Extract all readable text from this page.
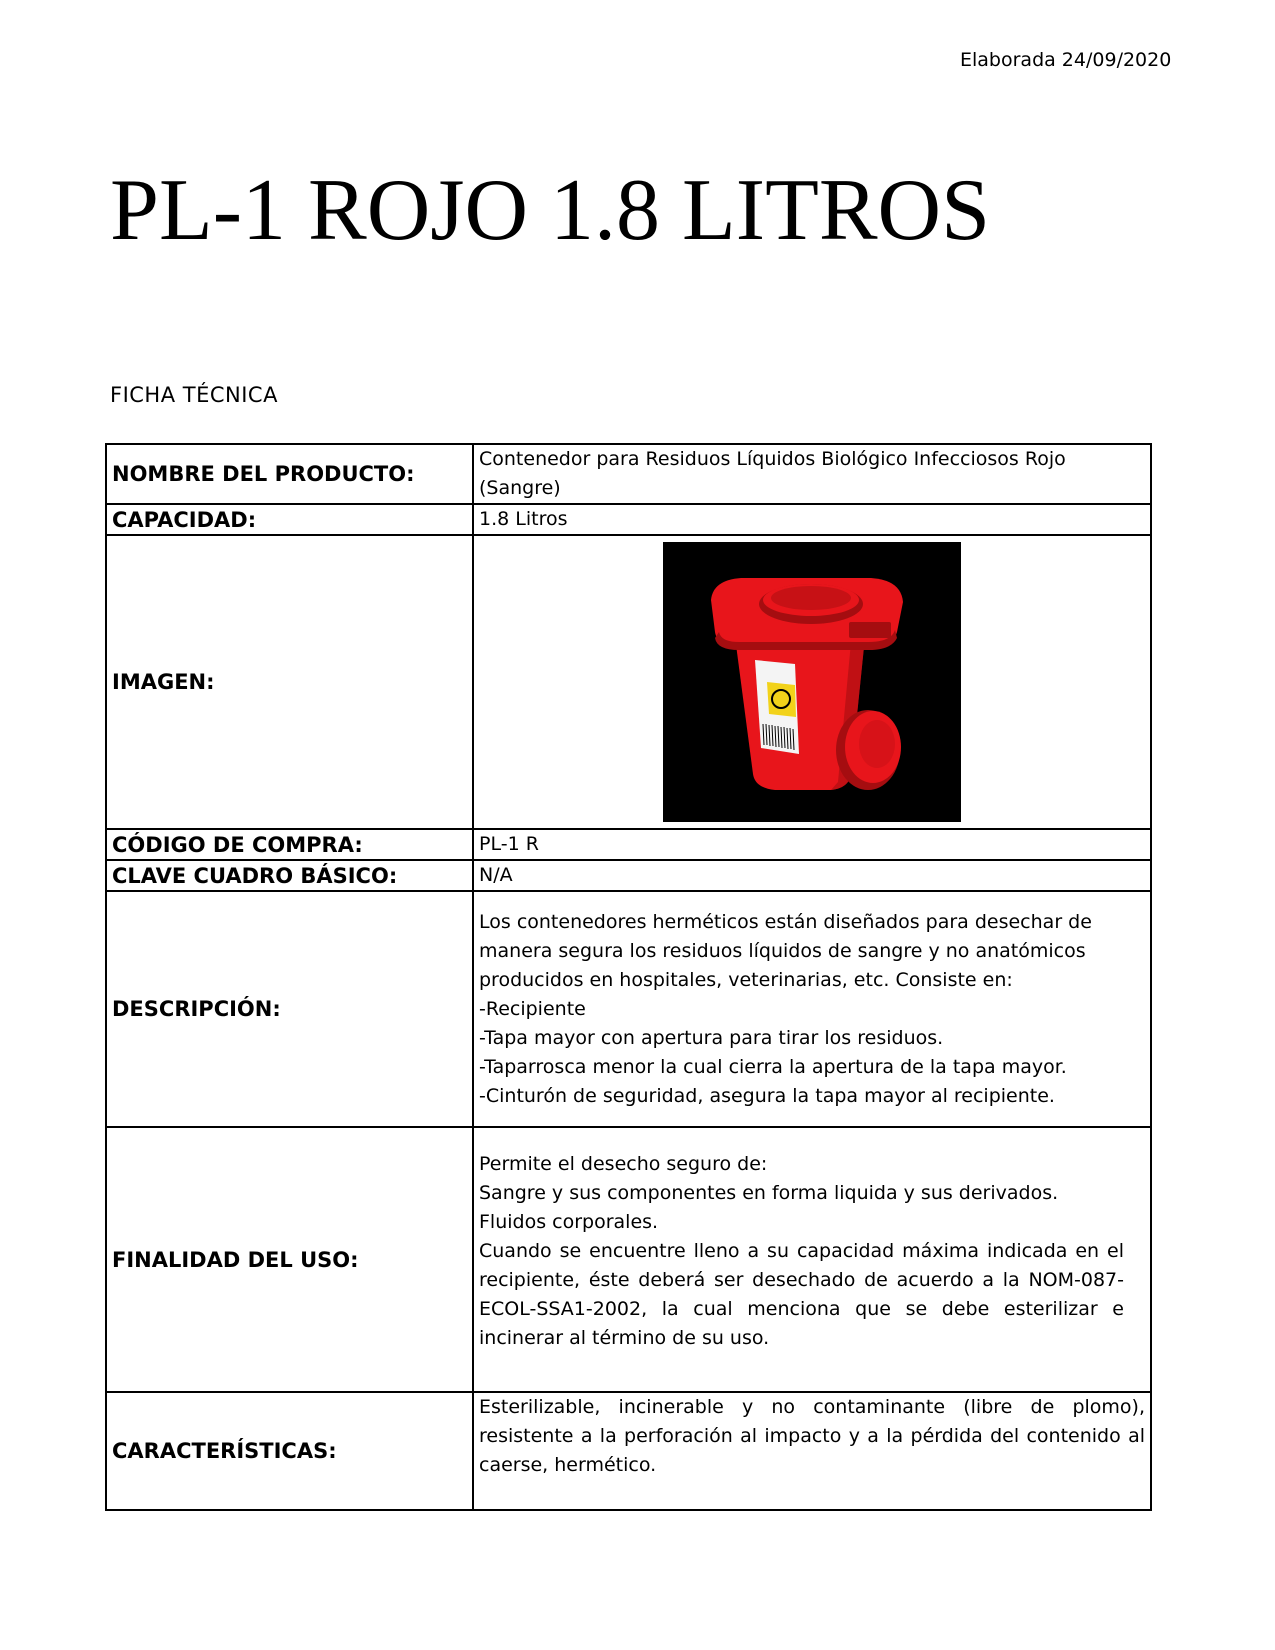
Elaborada 24/09/2020
PL-1 ROJO 1.8 LITROS
FICHA TÉCNICA
NOMBRE DEL PRODUCTO:	Contenedor para Residuos Líquidos Biológico Infecciosos Rojo (Sangre)
CAPACIDAD:	1.8 Litros
IMAGEN:	

CÓDIGO DE COMPRA:	PL-1 R
CLAVE CUADRO BÁSICO:	N/A
DESCRIPCIÓN:	Los contenedores herméticos están diseñados para desechar de manera segura los residuos líquidos de sangre y no anatómicos producidos en hospitales, veterinarias, etc. Consiste en:

-Recipiente

-Tapa mayor con apertura para tirar los residuos.

-Taparrosca menor la cual cierra la apertura de la tapa mayor.

-Cinturón de seguridad, asegura la tapa mayor al recipiente.

FINALIDAD DEL USO:	Permite el desecho seguro de:

Sangre y sus componentes en forma liquida y sus derivados.

Fluidos corporales.

Cuando se encuentre lleno a su capacidad máxima indicada en el recipiente, éste deberá ser desechado de acuerdo a la NOM-087-ECOL-SSA1-2002, la cual menciona que se debe esterilizar e incinerar al término de su uso.

CARACTERÍSTICAS:	Esterilizable, incinerable y no contaminante (libre de plomo), resistente a la perforación al impacto y a la pérdida del contenido al caerse, hermético.
